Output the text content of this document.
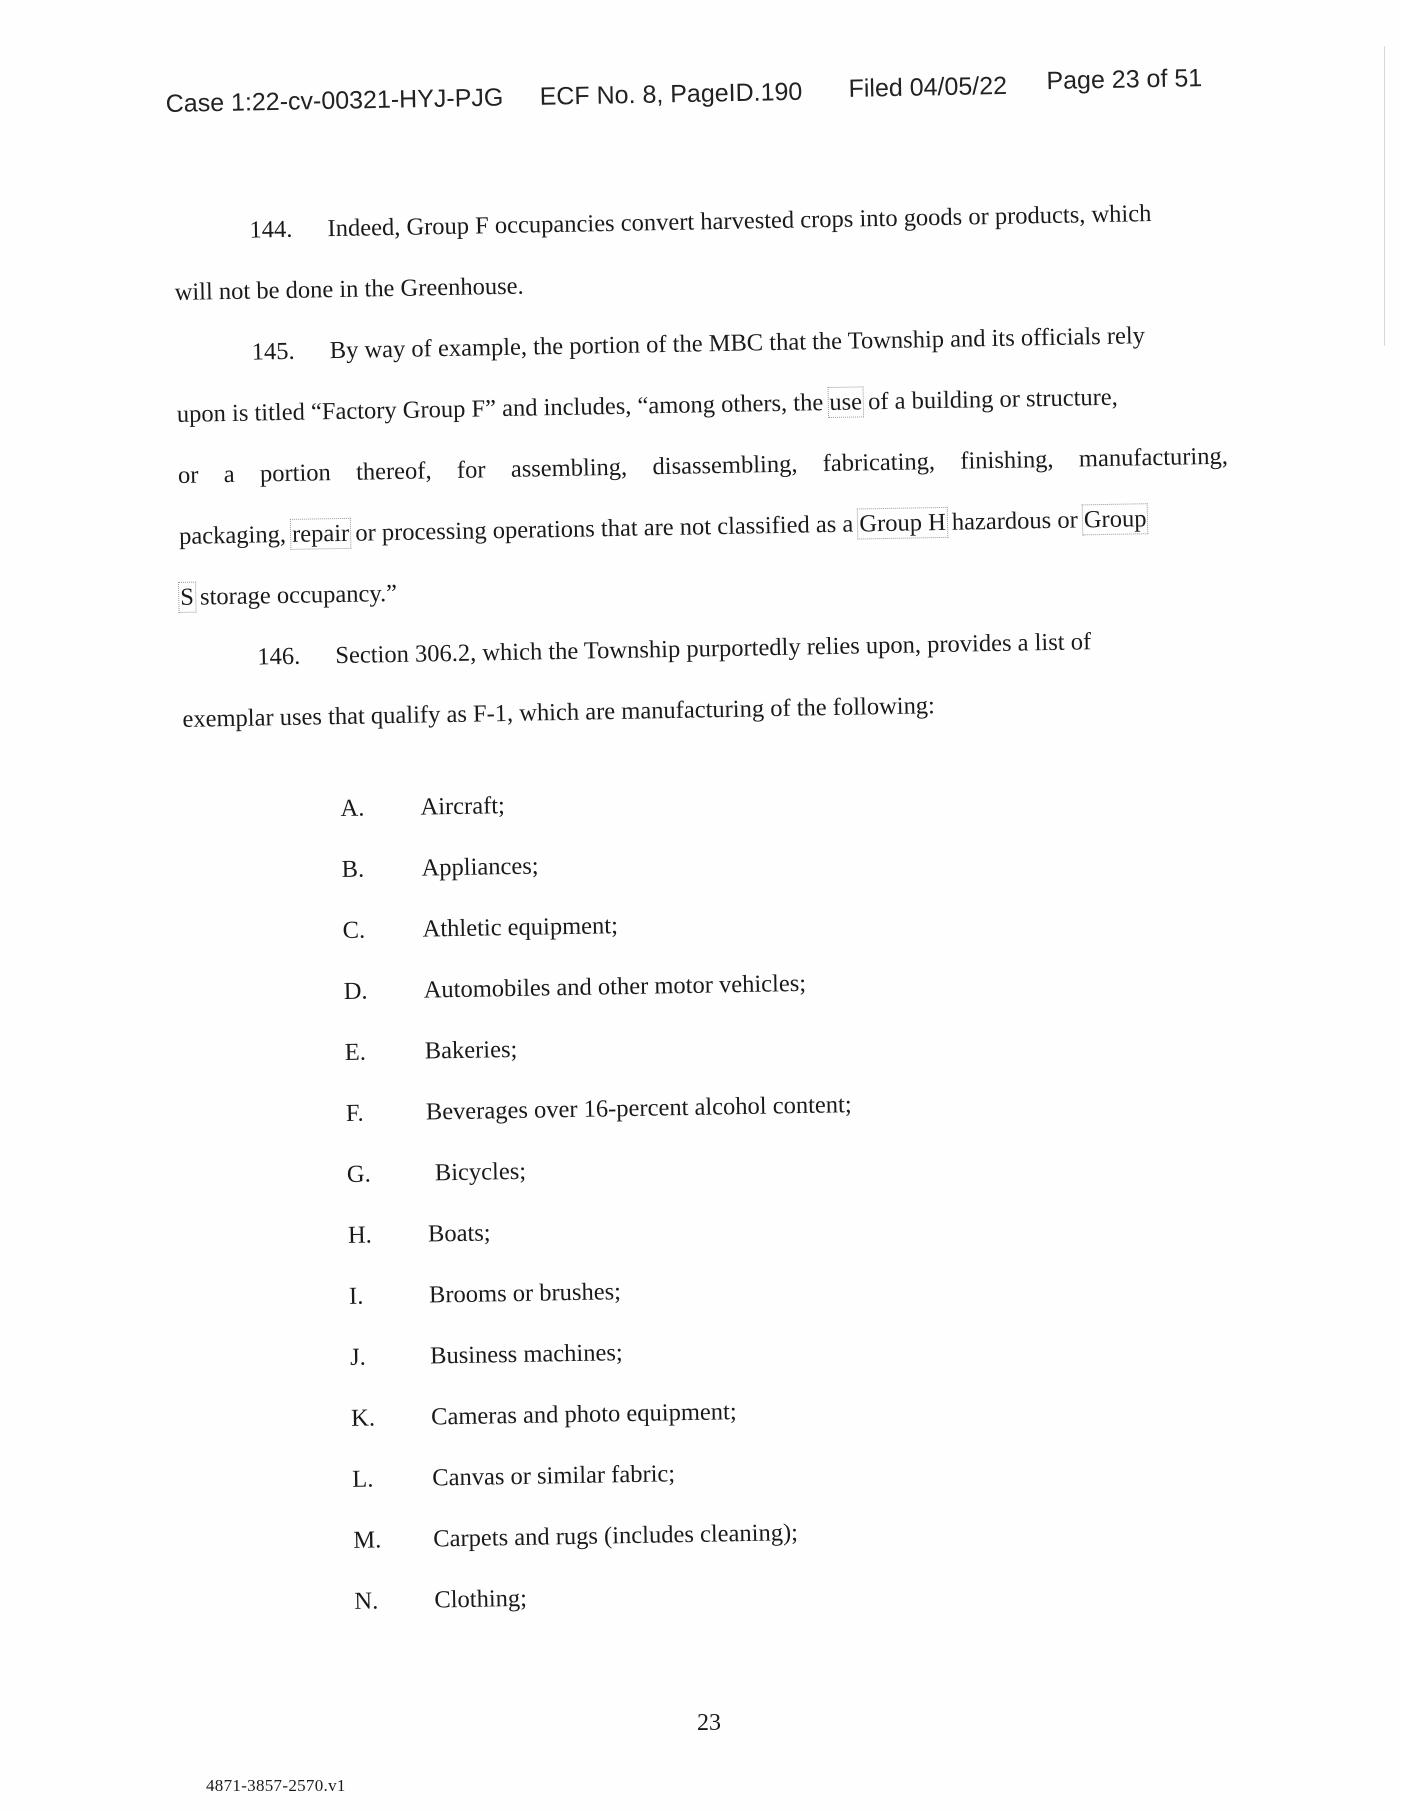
Case 1:22-cv-00321-HYJ-PJG ECF No. 8, PageID.190 Filed 04/05/22 Page 23 of 51
144. Indeed, Group F occupancies convert harvested crops into goods or products, which
will not be done in the Greenhouse.
145. By way of example, the portion of the MBC that the Township and its officials rely
upon is titled “Factory Group F” and includes, “among others, the use of a building or structure,
or a portion thereof, for assembling, disassembling, fabricating, finishing, manufacturing,
packaging, repair or processing operations that are not classified as a Group H hazardous or Group
S storage occupancy.”
146. Section 306.2, which the Township purportedly relies upon, provides a list of
exemplar uses that qualify as F-1, which are manufacturing of the following:
A. Aircraft;
B. Appliances;
C. Athletic equipment;
D. Automobiles and other motor vehicles;
E. Bakeries;
F.	Beverages over 16-percent alcohol content;
G.	Bicycles;
H. Boats;
I.	Brooms or brushes;
J.	Business machines;
K. Cameras and photo equipment;
L. Canvas or similar fabric;
M. Carpets and rugs (includes cleaning);
N. Clothing;
23
4871-3857-2570.v1
